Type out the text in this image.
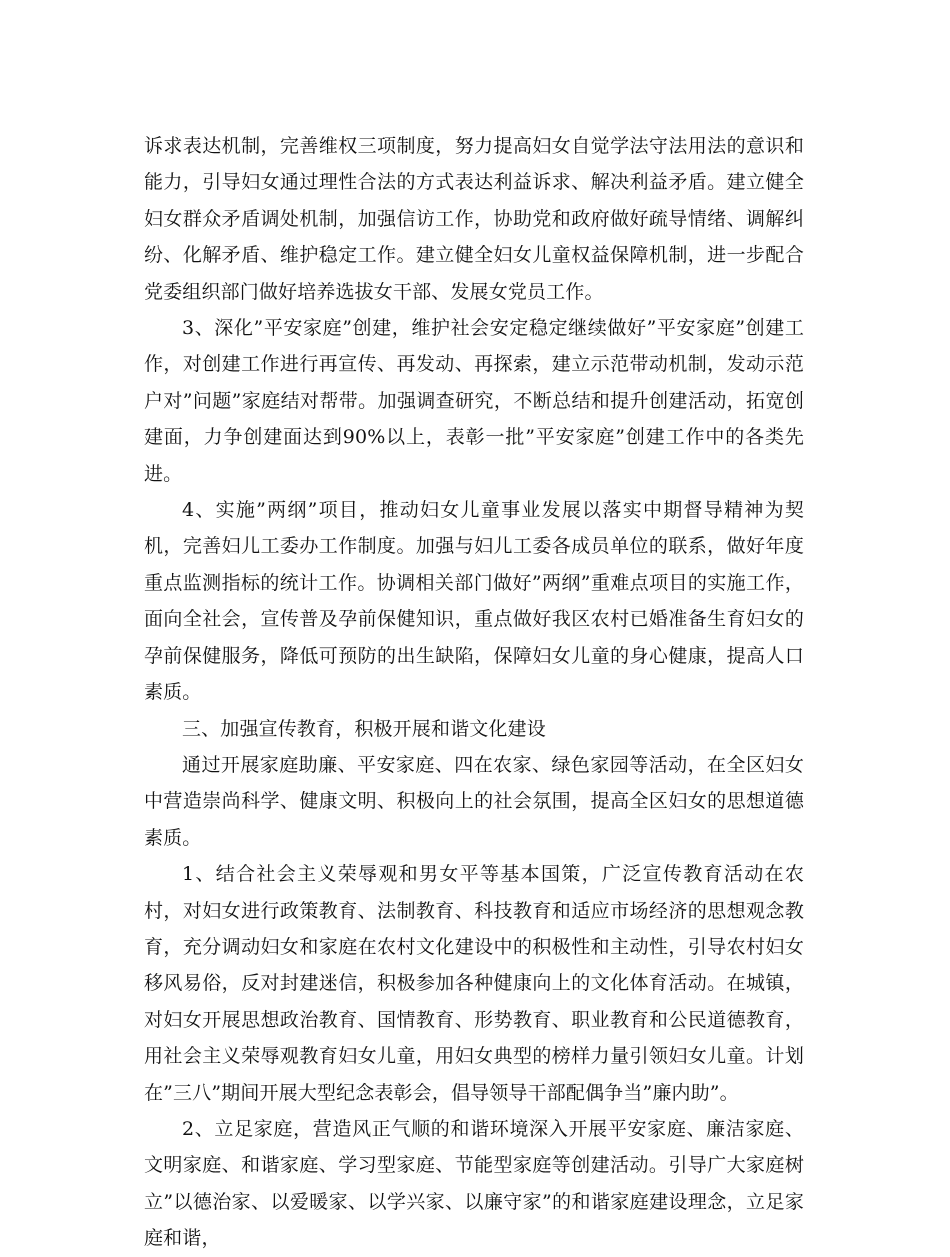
诉求表达机制，完善维权三项制度，努力提高妇女自觉学法守法用法的意识和能力，引导妇女通过理性合法的方式表达利益诉求、解决利益矛盾。建立健全妇女群众矛盾调处机制，加强信访工作，协助党和政府做好疏导情绪、调解纠纷、化解矛盾、维护稳定工作。建立健全妇女儿童权益保障机制，进一步配合党委组织部门做好培养选拔女干部、发展女党员工作。

3、深化”平安家庭”创建，维护社会安定稳定继续做好”平安家庭”创建工作，对创建工作进行再宣传、再发动、再探索，建立示范带动机制，发动示范户对”问题”家庭结对帮带。加强调查研究，不断总结和提升创建活动，拓宽创建面，力争创建面达到90%以上，表彰一批”平安家庭”创建工作中的各类先进。

4、实施”两纲”项目，推动妇女儿童事业发展以落实中期督导精神为契机，完善妇儿工委办工作制度。加强与妇儿工委各成员单位的联系，做好年度重点监测指标的统计工作。协调相关部门做好”两纲”重难点项目的实施工作，面向全社会，宣传普及孕前保健知识，重点做好我区农村已婚准备生育妇女的孕前保健服务，降低可预防的出生缺陷，保障妇女儿童的身心健康，提高人口素质。

三、加强宣传教育，积极开展和谐文化建设

通过开展家庭助廉、平安家庭、四在农家、绿色家园等活动，在全区妇女中营造崇尚科学、健康文明、积极向上的社会氛围，提高全区妇女的思想道德素质。

1、结合社会主义荣辱观和男女平等基本国策，广泛宣传教育活动在农村，对妇女进行政策教育、法制教育、科技教育和适应市场经济的思想观念教育，充分调动妇女和家庭在农村文化建设中的积极性和主动性，引导农村妇女移风易俗，反对封建迷信，积极参加各种健康向上的文化体育活动。在城镇，对妇女开展思想政治教育、国情教育、形势教育、职业教育和公民道德教育，用社会主义荣辱观教育妇女儿童，用妇女典型的榜样力量引领妇女儿童。计划在”三八”期间开展大型纪念表彰会，倡导领导干部配偶争当”廉内助”。

2、立足家庭，营造风正气顺的和谐环境深入开展平安家庭、廉洁家庭、文明家庭、和谐家庭、学习型家庭、节能型家庭等创建活动。引导广大家庭树立”以德治家、以爱暖家、以学兴家、以廉守家”的和谐家庭建设理念，立足家庭和谐，
